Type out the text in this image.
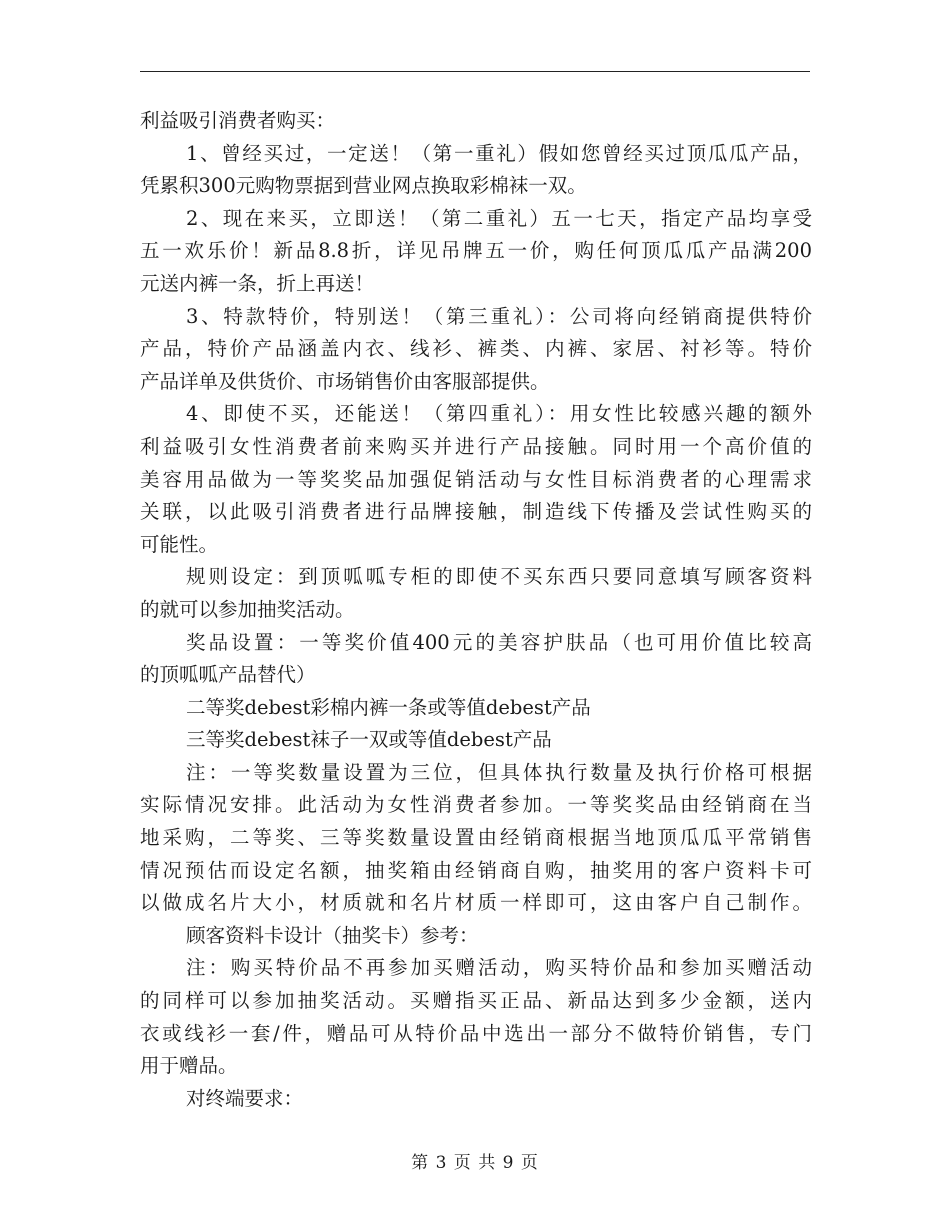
利益吸引消费者购买：
1、曾经买过，一定送！（第一重礼）假如您曾经买过顶瓜瓜产品，
凭累积300元购物票据到营业网点换取彩棉袜一双。
2、现在来买，立即送！（第二重礼）五一七天，指定产品均享受
五一欢乐价！新品8.8折，详见吊牌五一价，购任何顶瓜瓜产品满200
元送内裤一条，折上再送！
3、特款特价，特别送！（第三重礼）：公司将向经销商提供特价
产品，特价产品涵盖内衣、线衫、裤类、内裤、家居、衬衫等。特价
产品详单及供货价、市场销售价由客服部提供。
4、即使不买，还能送！（第四重礼）：用女性比较感兴趣的额外
利益吸引女性消费者前来购买并进行产品接触。同时用一个高价值的
美容用品做为一等奖奖品加强促销活动与女性目标消费者的心理需求
关联，以此吸引消费者进行品牌接触，制造线下传播及尝试性购买的
可能性。
规则设定：到顶呱呱专柜的即使不买东西只要同意填写顾客资料
的就可以参加抽奖活动。
奖品设置：一等奖价值400元的美容护肤品（也可用价值比较高
的顶呱呱产品替代）
二等奖debest彩棉内裤一条或等值debest产品
三等奖debest袜子一双或等值debest产品
注：一等奖数量设置为三位，但具体执行数量及执行价格可根据
实际情况安排。此活动为女性消费者参加。一等奖奖品由经销商在当
地采购，二等奖、三等奖数量设置由经销商根据当地顶瓜瓜平常销售
情况预估而设定名额，抽奖箱由经销商自购，抽奖用的客户资料卡可
以做成名片大小，材质就和名片材质一样即可，这由客户自己制作。
顾客资料卡设计（抽奖卡）参考：
注：购买特价品不再参加买赠活动，购买特价品和参加买赠活动
的同样可以参加抽奖活动。买赠指买正品、新品达到多少金额，送内
衣或线衫一套/件，赠品可从特价品中选出一部分不做特价销售，专门
用于赠品。
对终端要求：
第 3 页 共 9 页
